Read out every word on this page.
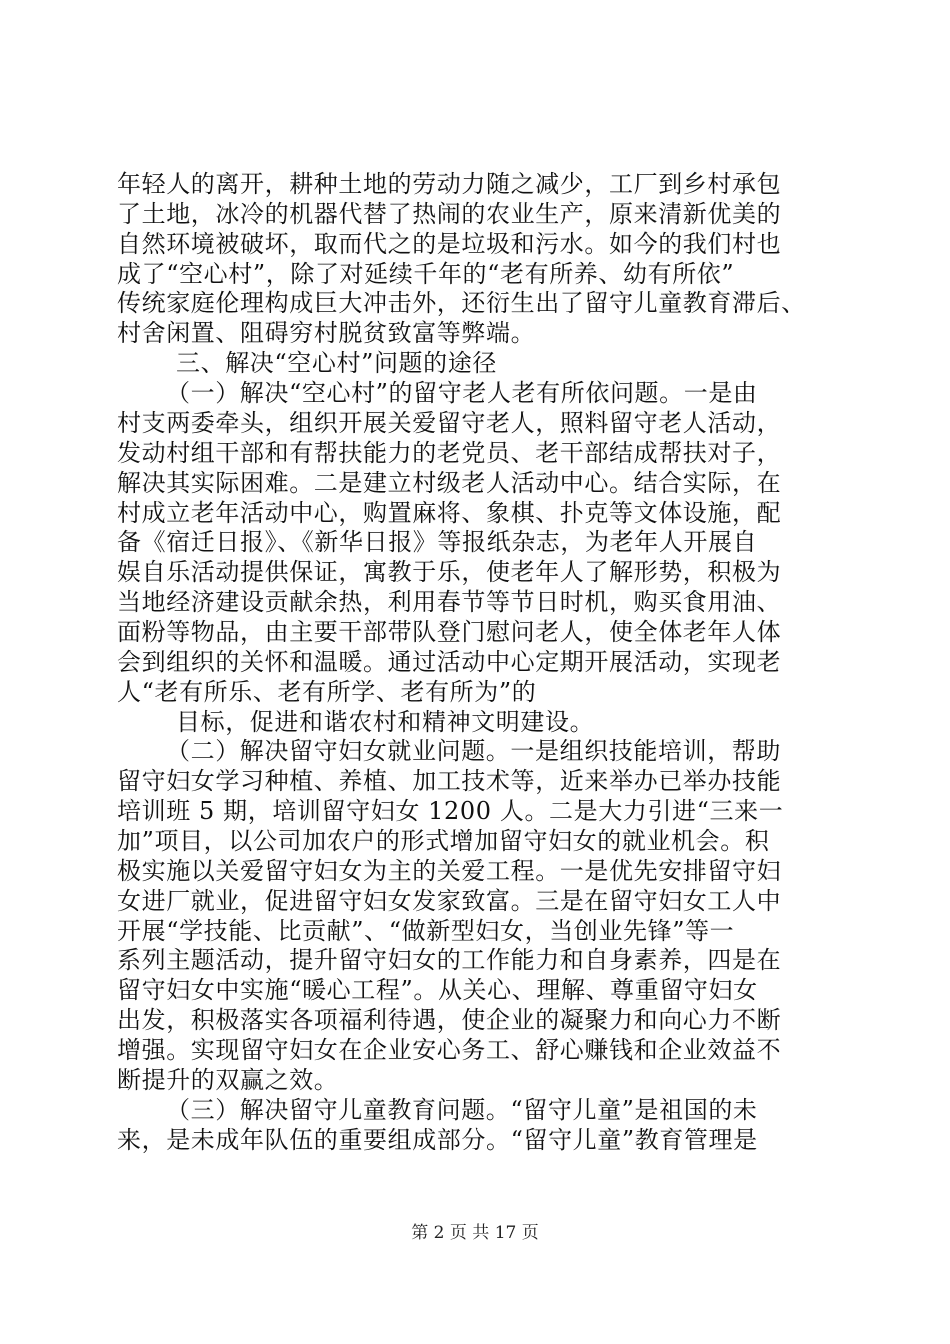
年轻人的离开，耕种土地的劳动力随之减少，工厂到乡村承包
了土地，冰冷的机器代替了热闹的农业生产，原来清新优美的
自然环境被破坏，取而代之的是垃圾和污水。如今的我们村也
成了“空心村”，除了对延续千年的“老有所养、幼有所依”
传统家庭伦理构成巨大冲击外，还衍生出了留守儿童教育滞后、
村舍闲置、阻碍穷村脱贫致富等弊端。
三、解决“空心村”问题的途径
（一）解决“空心村”的留守老人老有所依问题。一是由
村支两委牵头，组织开展关爱留守老人，照料留守老人活动，
发动村组干部和有帮扶能力的老党员、老干部结成帮扶对子，
解决其实际困难。二是建立村级老人活动中心。结合实际，在
村成立老年活动中心，购置麻将、象棋、扑克等文体设施，配
备《宿迁日报》、《新华日报》等报纸杂志，为老年人开展自
娱自乐活动提供保证，寓教于乐，使老年人了解形势，积极为
当地经济建设贡献余热，利用春节等节日时机，购买食用油、
面粉等物品，由主要干部带队登门慰问老人，使全体老年人体
会到组织的关怀和温暖。通过活动中心定期开展活动，实现老
人“老有所乐、老有所学、老有所为”的
目标，促进和谐农村和精神文明建设。
（二）解决留守妇女就业问题。一是组织技能培训，帮助
留守妇女学习种植、养植、加工技术等，近来举办已举办技能
培训班 5 期，培训留守妇女 1200 人。二是大力引进“三来一
加”项目，以公司加农户的形式增加留守妇女的就业机会。积
极实施以关爱留守妇女为主的关爱工程。一是优先安排留守妇
女进厂就业，促进留守妇女发家致富。三是在留守妇女工人中
开展“学技能、比贡献”、“做新型妇女，当创业先锋”等一
系列主题活动，提升留守妇女的工作能力和自身素养，四是在
留守妇女中实施“暖心工程”。从关心、理解、尊重留守妇女
出发，积极落实各项福利待遇，使企业的凝聚力和向心力不断
增强。实现留守妇女在企业安心务工、舒心赚钱和企业效益不
断提升的双赢之效。
（三）解决留守儿童教育问题。“留守儿童”是祖国的未
来，是未成年队伍的重要组成部分。“留守儿童”教育管理是
第 2 页 共 17 页
